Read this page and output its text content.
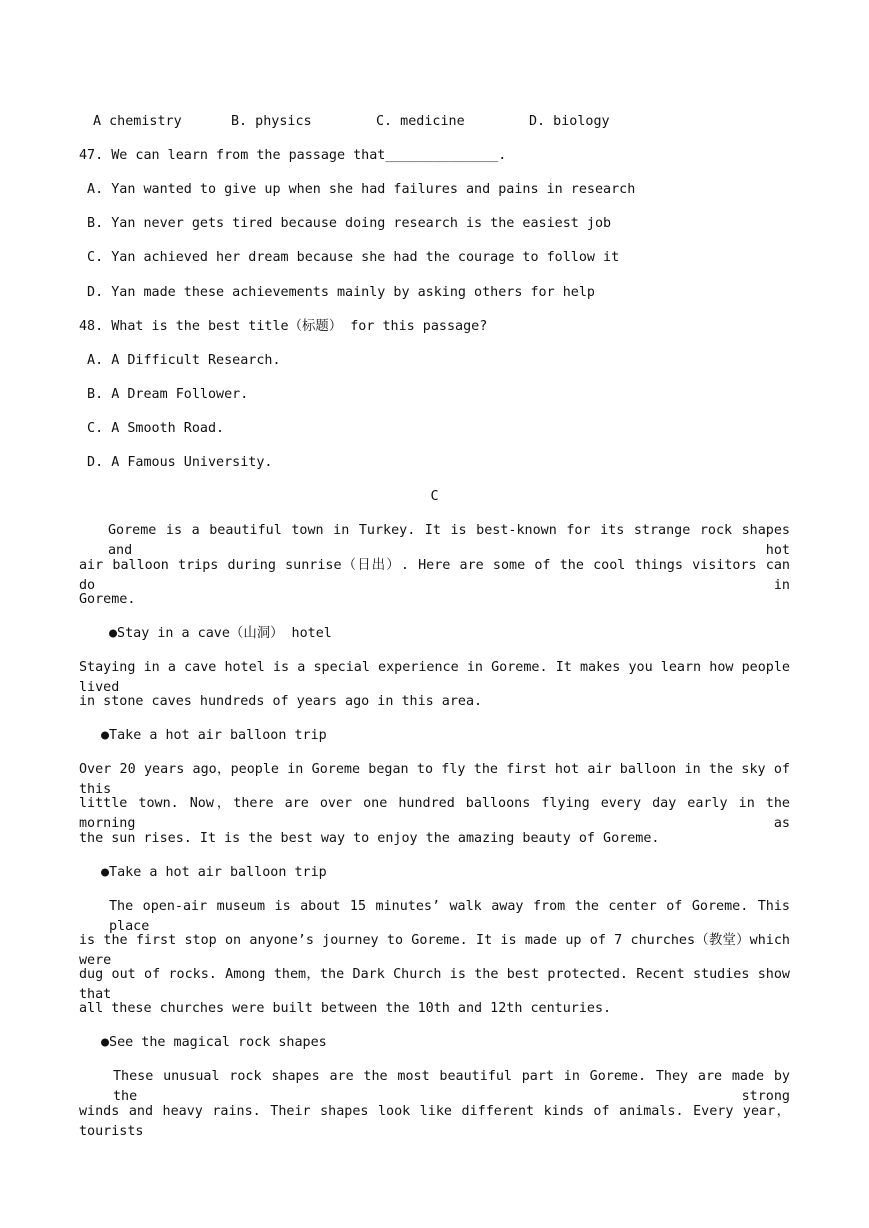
A chemistry

	B. physics

	C. medicine

	D. biology

47. We can learn from the passage that______________.
A. Yan wanted to give up when she had failures and pains in research
B. Yan never gets tired because doing research is the easiest job
C. Yan achieved her dream because she had the courage to follow it
D. Yan made these achievements mainly by asking others for help
48. What is the best title（标题） for this passage?
A. A Difficult Research.
B. A Dream Follower.
C. A Smooth Road.
D. A Famous University.
C
Goreme is a beautiful town in Turkey. It is best-known for its strange rock shapes and hot
air balloon trips during sunrise（日出）. Here are some of the cool things visitors can do in
Goreme.
●Stay in a cave（山洞） hotel
Staying in a cave hotel is a special experience in Goreme. It makes you learn how people lived
in stone caves hundreds of years ago in this area.
●Take a hot air balloon trip
Over 20 years ago，people in Goreme began to fly the first hot air balloon in the sky of this
little town. Now，there are over one hundred balloons flying every day early in the morning as
the sun rises. It is the best way to enjoy the amazing beauty of Goreme.
●Take a hot air balloon trip
The open-air museum is about 15 minutes’ walk away from the center of Goreme. This place
is the first stop on anyone’s journey to Goreme. It is made up of 7 churches（教堂）which were
dug out of rocks. Among them，the Dark Church is the best protected. Recent studies show that
all these churches were built between the 10th and 12th centuries.
●See the magical rock shapes
These unusual rock shapes are the most beautiful part in Goreme. They are made by the strong
winds and heavy rains. Their shapes look like different kinds of animals. Every year，tourists
